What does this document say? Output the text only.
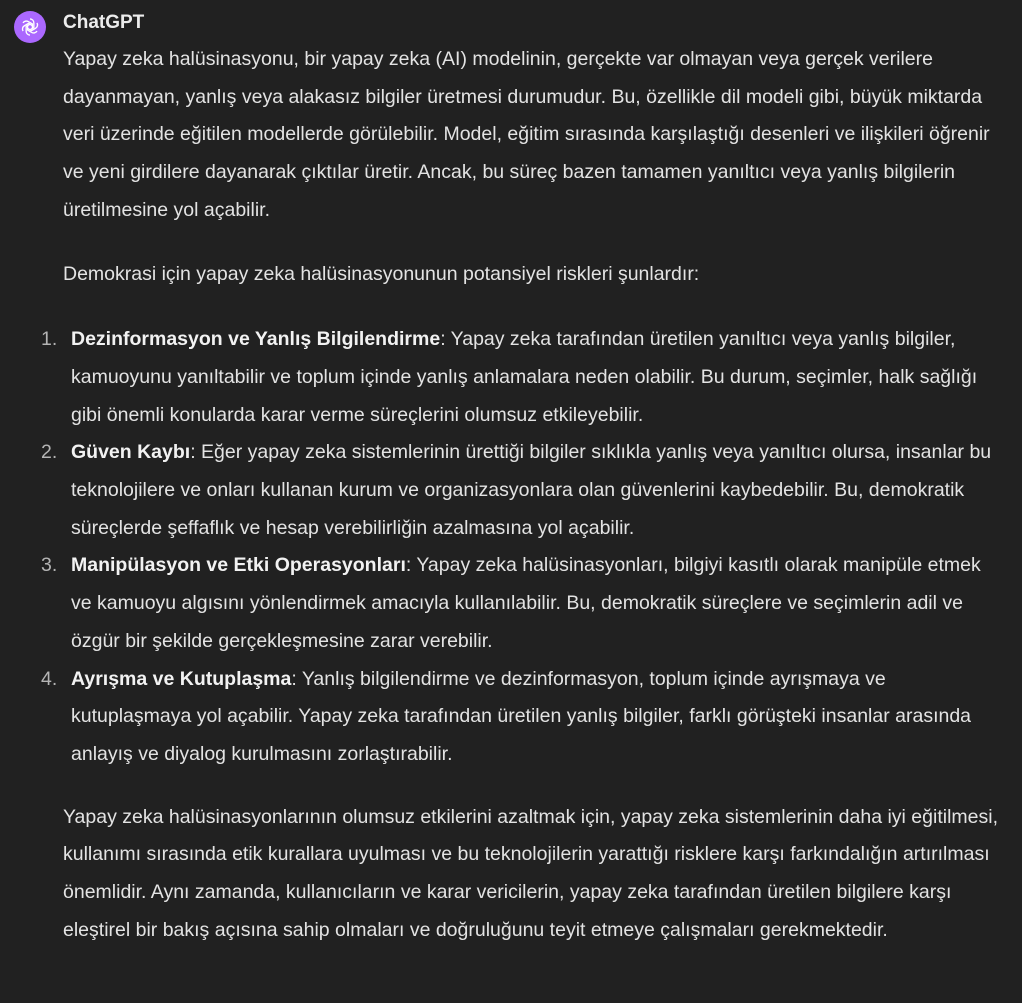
ChatGPT

Yapay zeka halüsinasyonu, bir yapay zeka (AI) modelinin, gerçekte var olmayan veya gerçek verilere dayanmayan, yanlış veya alakasız bilgiler üretmesi durumudur. Bu, özellikle dil modeli gibi, büyük miktarda veri üzerinde eğitilen modellerde görülebilir. Model, eğitim sırasında karşılaştığı desenleri ve ilişkileri öğrenir ve yeni girdilere dayanarak çıktılar üretir. Ancak, bu süreç bazen tamamen yanıltıcı veya yanlış bilgilerin üretilmesine yol açabilir.

Demokrasi için yapay zeka halüsinasyonunun potansiyel riskleri şunlardır:

1. Dezinformasyon ve Yanlış Bilgilendirme: Yapay zeka tarafından üretilen yanıltıcı veya yanlış bilgiler, kamuoyunu yanıltabilir ve toplum içinde yanlış anlamalara neden olabilir. Bu durum, seçimler, halk sağlığı gibi önemli konularda karar verme süreçlerini olumsuz etkileyebilir.
2. Güven Kaybı: Eğer yapay zeka sistemlerinin ürettiği bilgiler sıklıkla yanlış veya yanıltıcı olursa, insanlar bu teknolojilere ve onları kullanan kurum ve organizasyonlara olan güvenlerini kaybedebilir. Bu, demokratik süreçlerde şeffaflık ve hesap verebilirliğin azalmasına yol açabilir.
3. Manipülasyon ve Etki Operasyonları: Yapay zeka halüsinasyonları, bilgiyi kasıtlı olarak manipüle etmek ve kamuoyu algısını yönlendirmek amacıyla kullanılabilir. Bu, demokratik süreçlere ve seçimlerin adil ve özgür bir şekilde gerçekleşmesine zarar verebilir.
4. Ayrışma ve Kutuplaşma: Yanlış bilgilendirme ve dezinformasyon, toplum içinde ayrışmaya ve kutuplaşmaya yol açabilir. Yapay zeka tarafından üretilen yanlış bilgiler, farklı görüşteki insanlar arasında anlayış ve diyalog kurulmasını zorlaştırabilir.

Yapay zeka halüsinasyonlarının olumsuz etkilerini azaltmak için, yapay zeka sistemlerinin daha iyi eğitilmesi, kullanımı sırasında etik kurallara uyulması ve bu teknolojilerin yarattığı risklere karşı farkındalığın artırılması önemlidir. Aynı zamanda, kullanıcıların ve karar vericilerin, yapay zeka tarafından üretilen bilgilere karşı eleştirel bir bakış açısına sahip olmaları ve doğruluğunu teyit etmeye çalışmaları gerekmektedir.
